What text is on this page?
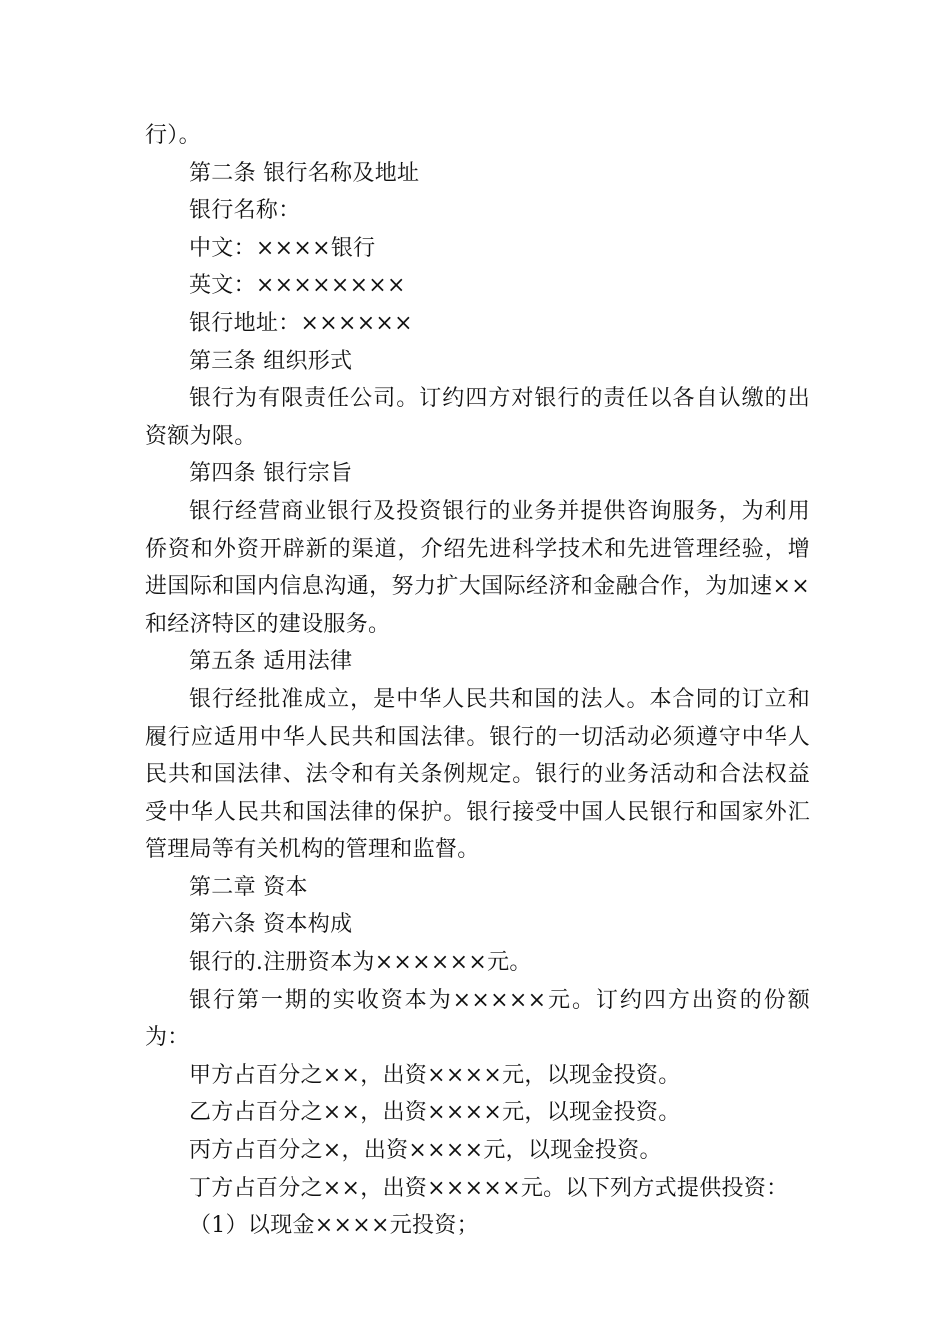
行）。

第二条 银行名称及地址

银行名称：

中文：××××银行

英文：××××××××

银行地址：××××××

第三条 组织形式

银行为有限责任公司。订约四方对银行的责任以各自认缴的出资额为限。

第四条 银行宗旨

银行经营商业银行及投资银行的业务并提供咨询服务，为利用侨资和外资开辟新的渠道，介绍先进科学技术和先进管理经验，增进国际和国内信息沟通，努力扩大国际经济和金融合作，为加速××和经济特区的建设服务。

第五条 适用法律

银行经批准成立，是中华人民共和国的法人。本合同的订立和履行应适用中华人民共和国法律。银行的一切活动必须遵守中华人民共和国法律、法令和有关条例规定。银行的业务活动和合法权益受中华人民共和国法律的保护。银行接受中国人民银行和国家外汇管理局等有关机构的管理和监督。

第二章 资本

第六条 资本构成

银行的.注册资本为××××××元。

银行第一期的实收资本为×××××元。订约四方出资的份额为：

甲方占百分之××，出资××××元，以现金投资。

乙方占百分之××，出资××××元，以现金投资。

丙方占百分之×，出资××××元，以现金投资。

丁方占百分之××，出资×××××元。以下列方式提供投资：

（1）以现金××××元投资；
